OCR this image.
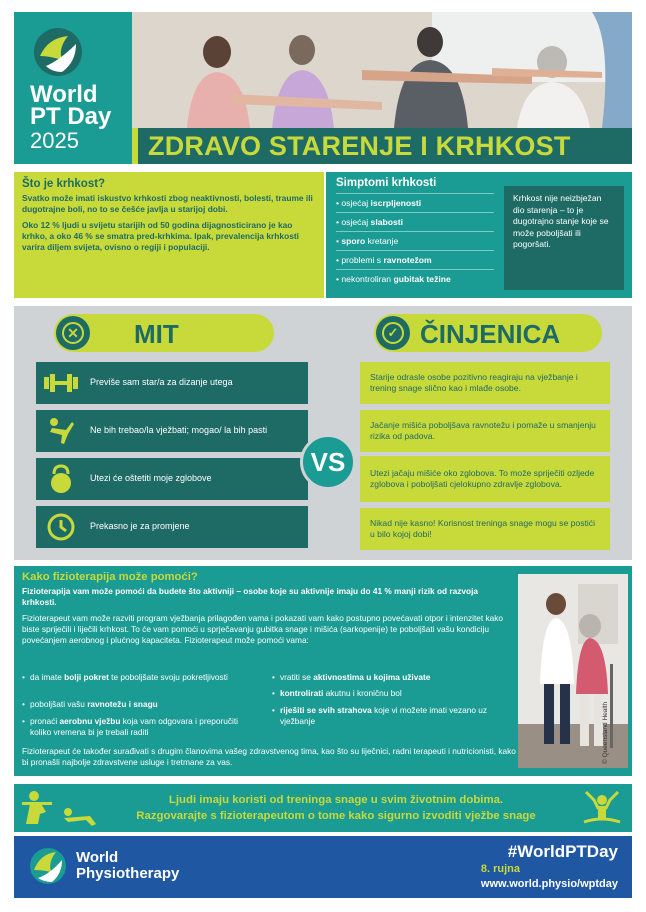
World
PT Day
2025	ZDRAVO STARENJE I KRHKOST
Što je krhkost?

Svatko može imati iskustvo krhkosti zbog neaktivnosti, bolesti, traume ili dugotrajne boli, no to se češće javlja u starijoj dobi.

Oko 12 % ljudi u svijetu starijih od 50 godina dijagnosticirano je kao krhko, a oko 46 % se smatra pred-krhkima. Ipak, prevalencija krhkosti varira diljem svijeta, ovisno o regiji i populaciji.

Simptomi krhkosti
• osjećaj iscrpljenosti
• osjećaj slabosti
• sporo kretanje
• problemi s ravnotežom
• nekontroliran gubitak težine
Krhkost nije neizbježan dio starenja – to je dugotrajno stanje koje se može poboljšati ili pogoršati.
✕ MIT	✓ ČINJENICA
Previše sam star/a za dizanje utega
Ne bih trebao/la vježbati; mogao/ la bih pasti
Utezi će oštetiti moje zglobove
Prekasno je za promjene
VS
Starije odrasle osobe pozitivno reagiraju na vježbanje i trening snage slično kao i mlađe osobe.
Jačanje mišića poboljšava ravnotežu i pomaže u smanjenju rizika od padova.
Utezi jačaju mišiće oko zglobova. To može spriječiti ozljede zglobova i poboljšati cjelokupno zdravlje zglobova.
Nikad nije kasno! Korisnost treninga snage mogu se postići u bilo kojoj dobi!
Kako fizioterapija može pomoći?
Fizioterapija vam može pomoći da budete što aktivniji – osobe koje su aktivnije imaju do 41 % manji rizik od razvoja krhkosti.
Fizioterapeut vam može razviti program vježbanja prilagođen vama i pokazati vam kako postupno povećavati otpor i intenzitet kako biste spriječili i liječili krhkost. To će vam pomoći u sprječavanju gubitka snage i mišića (sarkopenije) te poboljšati vašu kondiciju povećanjem aerobnog i plućnog kapaciteta. Fizioterapeut može pomoći vama:
• da imate bolji pokret te poboljšate svoju pokretljivosti
• poboljšati vašu ravnotežu i snagu
• pronaći aerobnu vježbu koja vam odgovara i preporučiti koliko vremena bi je trebali raditi
• vratiti se aktivnostima u kojima uživate
• kontrolirati akutnu i kroničnu bol
• riješiti se svih strahova koje vi možete imati vezano uz vježbanje
Fizioterapeut će također surađivati s drugim članovima vašeg zdravstvenog tima, kao što su liječnici, radni terapeuti i nutricionisti, kako bi pronašli najbolje zdravstvene usluge i tretmane za vas.	© Queensland Health
Ljudi imaju koristi od treninga snage u svim životnim dobima.
Razgovarajte s fizioterapeutom o tome kako sigurno izvoditi vježbe snage
World
Physiotherapy
#WorldPTDay
8. rujna
www.world.physio/wptday
